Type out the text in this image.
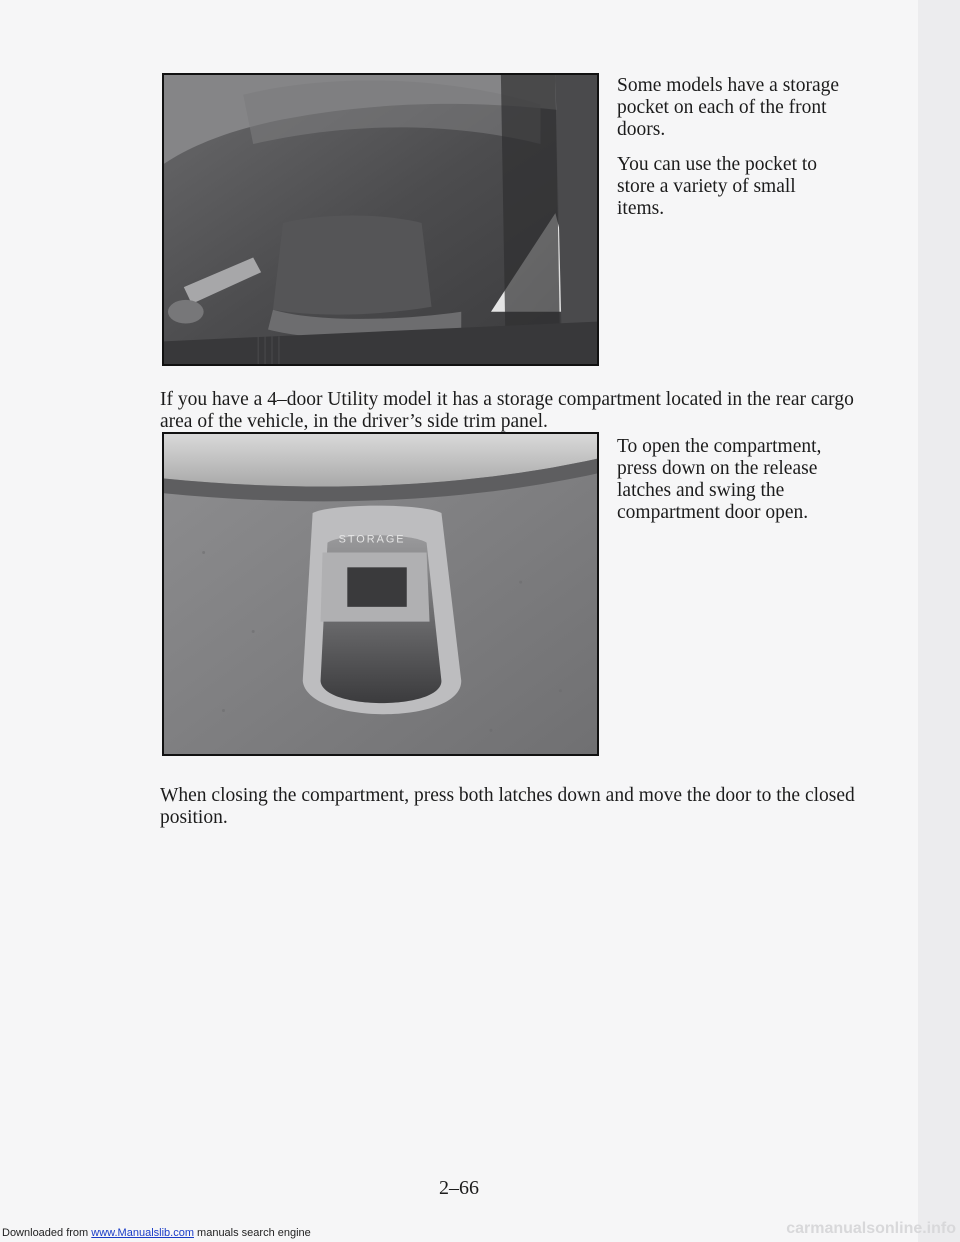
Some models have a storage pocket on each of the front doors.

You can use the pocket to store a variety of small items.

If you have a 4–door Utility model it has a storage compartment located in the rear cargo area of the vehicle, in the driver’s side trim panel.

STORAGE

To open the compartment, press down on the release latches and swing the compartment door open.

When closing the compartment, press both latches down and move the door to the closed position.

2–66
Downloaded from www.Manualslib.com manuals search engine	carmanualsonline.info
